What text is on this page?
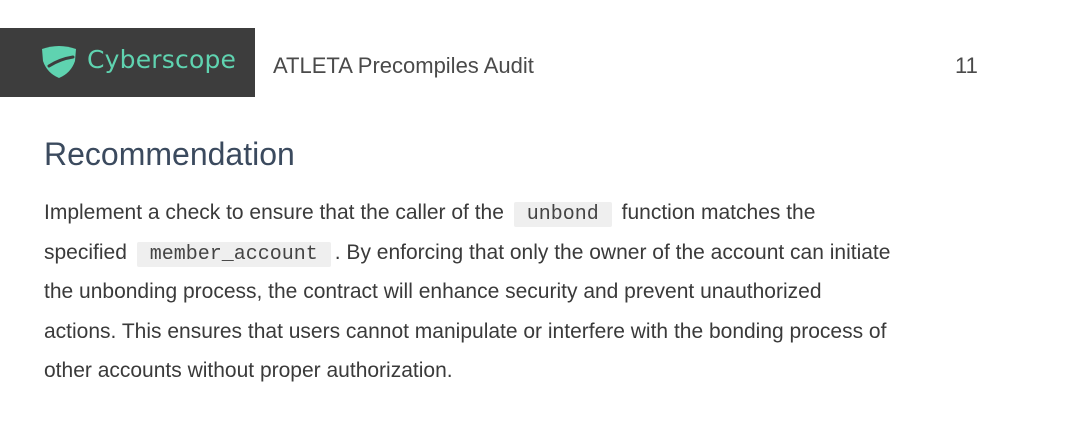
Cyberscope ATLETA Precompiles Audit	11
Recommendation
Implement a check to ensure that the caller of the unbond function matches the
specified member_account . By enforcing that only the owner of the account can initiate
the unbonding process, the contract will enhance security and prevent unauthorized
actions. This ensures that users cannot manipulate or interfere with the bonding process of
other accounts without proper authorization.
